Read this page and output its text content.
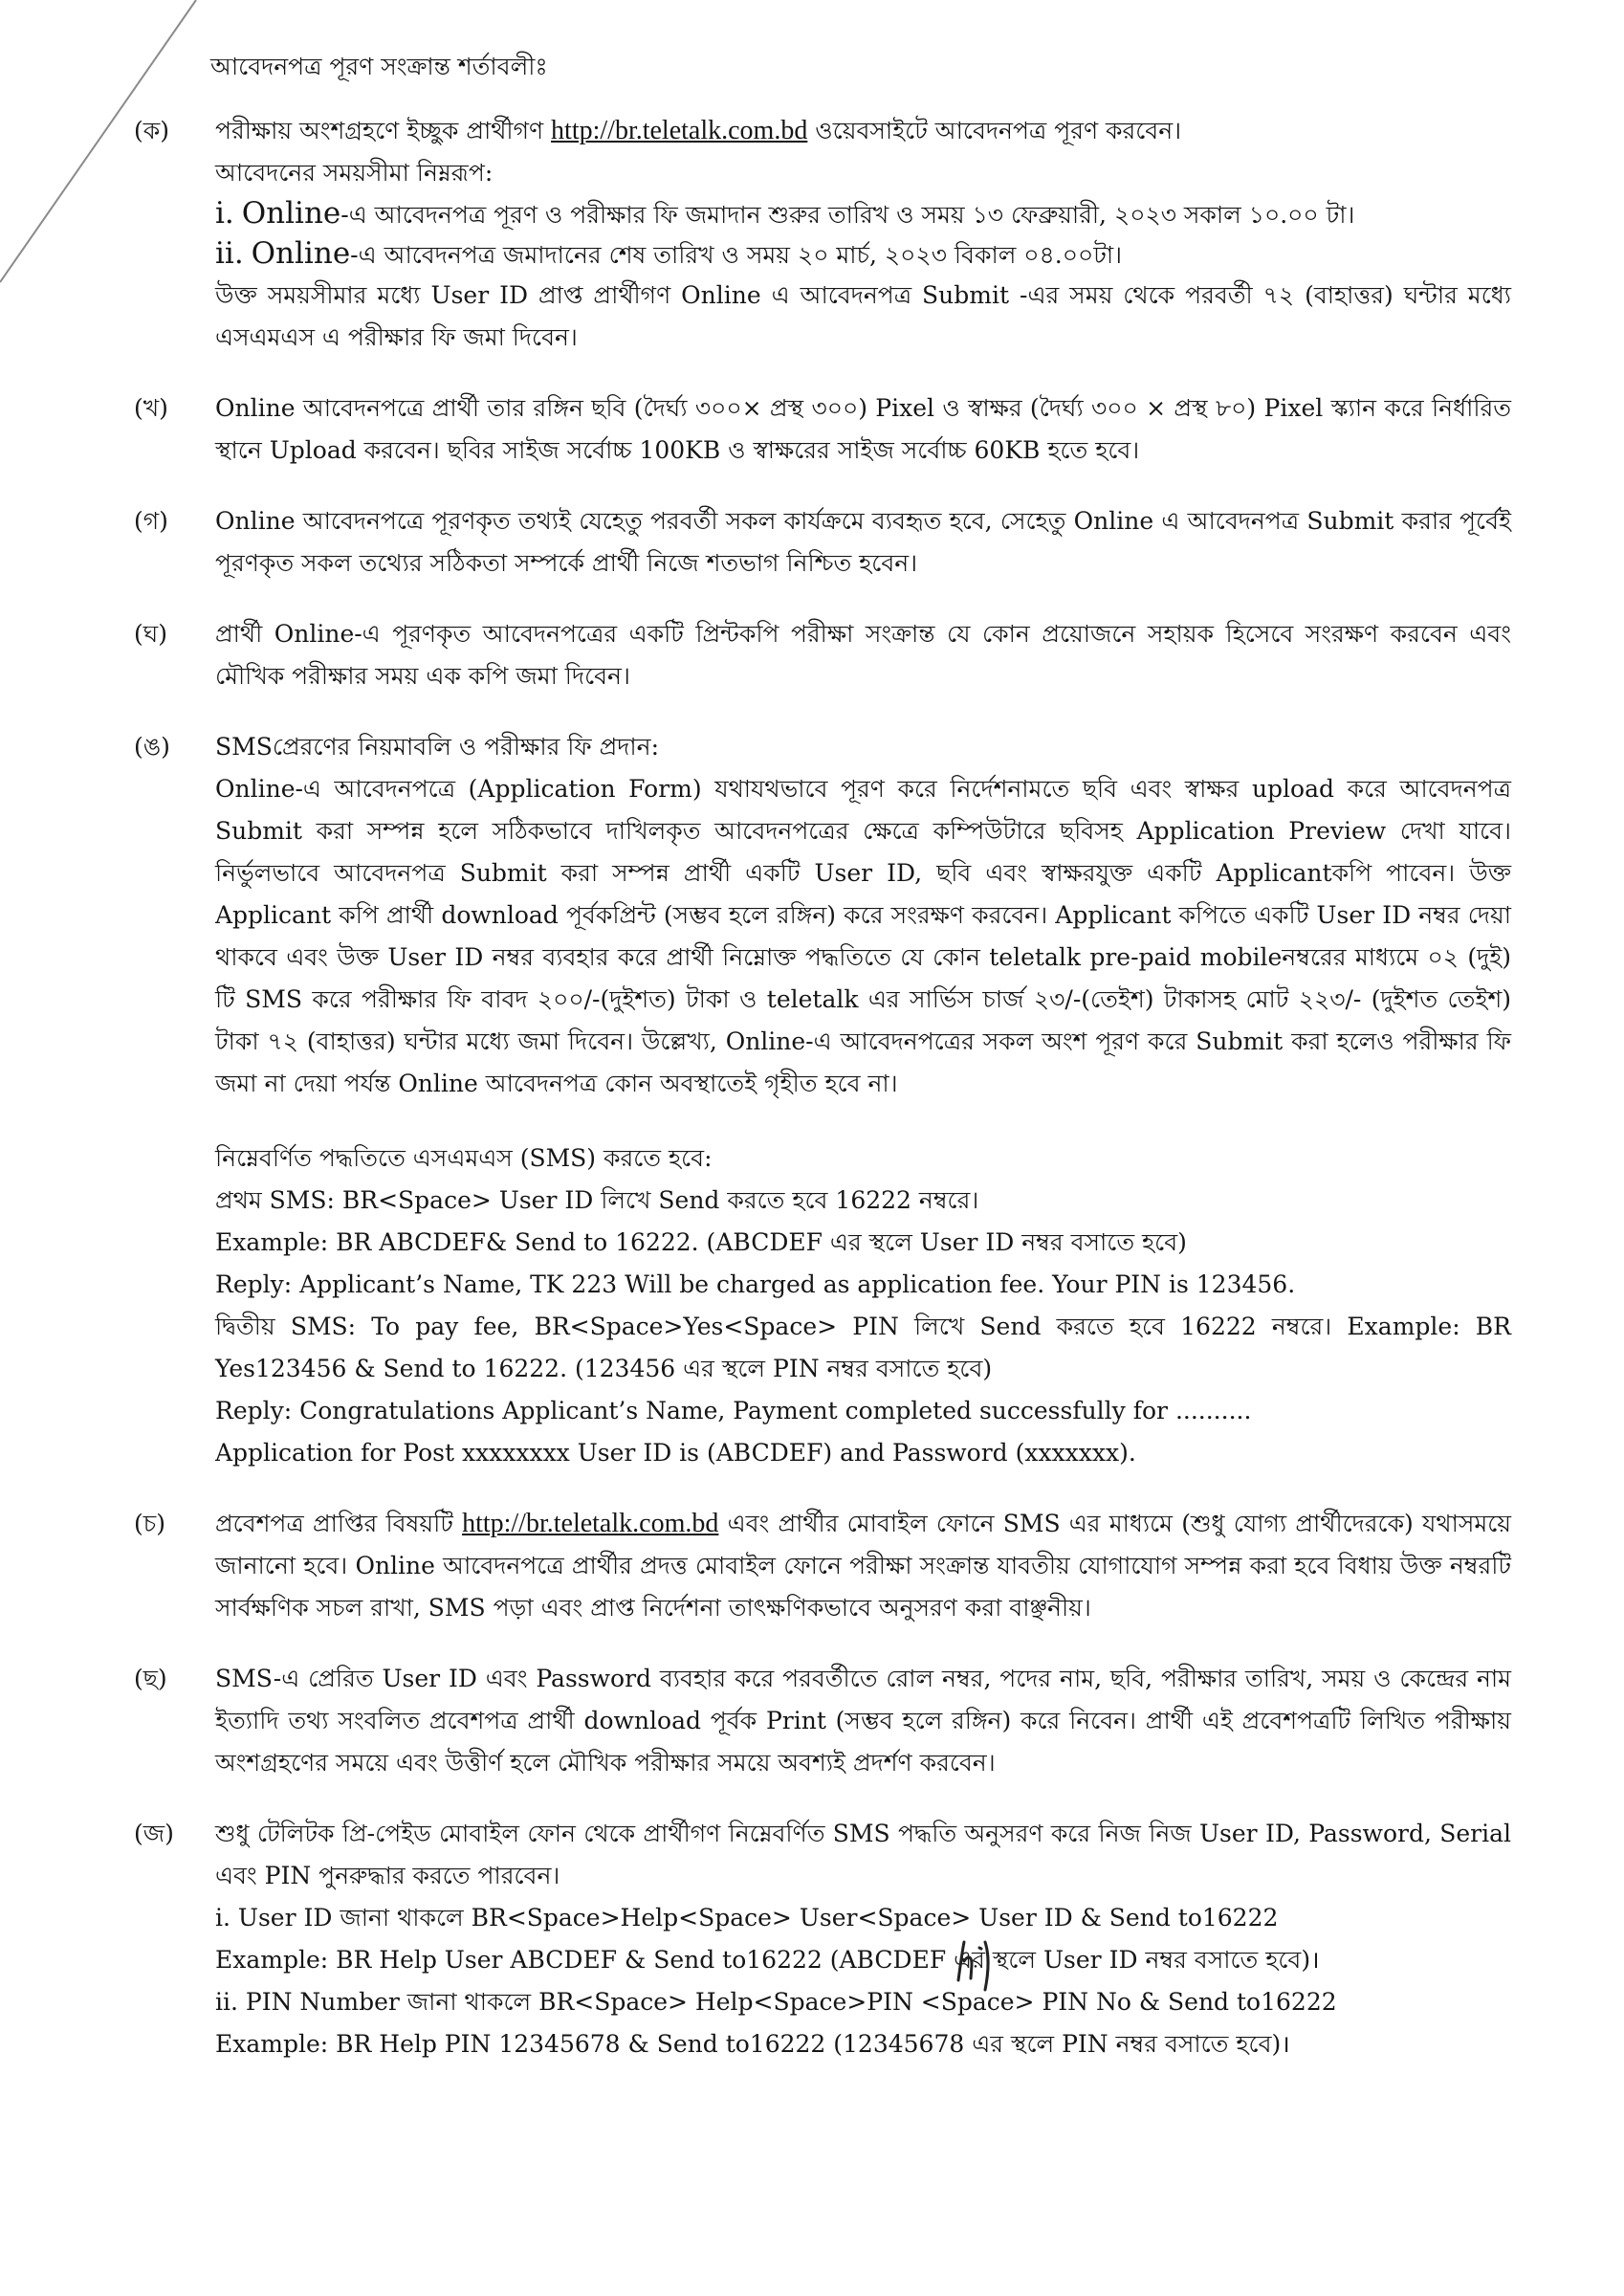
আবেদনপত্র পূরণ সংক্রান্ত শর্তাবলীঃ
(ক)	পরীক্ষায় অংশগ্রহণে ইচ্ছুক প্রার্থীগণ http://br.teletalk.com.bd ওয়েবসাইটে আবেদনপত্র পূরণ করবেন।

আবেদনের সময়সীমা নিম্নরূপ:

i. Online-এ আবেদনপত্র পূরণ ও পরীক্ষার ফি জমাদান শুরুর তারিখ ও সময় ১৩ ফেব্রুয়ারী, ২০২৩ সকাল ১০.০০ টা।

ii. Online-এ আবেদনপত্র জমাদানের শেষ তারিখ ও সময় ২০ মার্চ, ২০২৩ বিকাল ০৪.০০টা।

উক্ত সময়সীমার মধ্যে User ID প্রাপ্ত প্রার্থীগণ Online এ আবেদনপত্র Submit -এর সময় থেকে পরবর্তী ৭২ (বাহাত্তর) ঘন্টার মধ্যে এসএমএস এ পরীক্ষার ফি জমা দিবেন।

(খ)	Online আবেদনপত্রে প্রার্থী তার রঙ্গিন ছবি (দৈর্ঘ্য ৩০০× প্রস্থ ৩০০) Pixel ও স্বাক্ষর (দৈর্ঘ্য ৩০০ × প্রস্থ ৮০) Pixel স্ক্যান করে নির্ধারিত স্থানে Upload করবেন। ছবির সাইজ সর্বোচ্চ 100KB ও স্বাক্ষরের সাইজ সর্বোচ্চ 60KB হতে হবে।

(গ)	Online আবেদনপত্রে পূরণকৃত তথ্যই যেহেতু পরবর্তী সকল কার্যক্রমে ব্যবহৃত হবে, সেহেতু Online এ আবেদনপত্র Submit করার পূর্বেই পূরণকৃত সকল তথ্যের সঠিকতা সম্পর্কে প্রার্থী নিজে শতভাগ নিশ্চিত হবেন।

(ঘ)	প্রার্থী Online-এ পূরণকৃত আবেদনপত্রের একটি প্রিন্টকপি পরীক্ষা সংক্রান্ত যে কোন প্রয়োজনে সহায়ক হিসেবে সংরক্ষণ করবেন এবং মৌখিক পরীক্ষার সময় এক কপি জমা দিবেন।

(ঙ)	SMSপ্রেরণের নিয়মাবলি ও পরীক্ষার ফি প্রদান:

Online-এ আবেদনপত্রে (Application Form) যথাযথভাবে পূরণ করে নির্দেশনামতে ছবি এবং স্বাক্ষর upload করে আবেদনপত্র Submit করা সম্পন্ন হলে সঠিকভাবে দাখিলকৃত আবেদনপত্রের ক্ষেত্রে কম্পিউটারে ছবিসহ Application Preview দেখা যাবে। নির্ভুলভাবে আবেদনপত্র Submit করা সম্পন্ন প্রার্থী একটি User ID, ছবি এবং স্বাক্ষরযুক্ত একটি Applicantকপি পাবেন। উক্ত Applicant কপি প্রার্থী download পূর্বকপ্রিন্ট (সম্ভব হলে রঙ্গিন) করে সংরক্ষণ করবেন। Applicant কপিতে একটি User ID নম্বর দেয়া থাকবে এবং উক্ত User ID নম্বর ব্যবহার করে প্রার্থী নিম্নোক্ত পদ্ধতিতে যে কোন teletalk pre-paid mobileনম্বরের মাধ্যমে ০২ (দুই) টি SMS করে পরীক্ষার ফি বাবদ ২০০/-(দুইশত) টাকা ও teletalk এর সার্ভিস চার্জ ২৩/-(তেইশ) টাকাসহ মোট ২২৩/- (দুইশত তেইশ) টাকা ৭২ (বাহাত্তর) ঘন্টার মধ্যে জমা দিবেন। উল্লেখ্য, Online-এ আবেদনপত্রের সকল অংশ পূরণ করে Submit করা হলেও পরীক্ষার ফি জমা না দেয়া পর্যন্ত Online আবেদনপত্র কোন অবস্থাতেই গৃহীত হবে না।

নিম্নেবর্ণিত পদ্ধতিতে এসএমএস (SMS) করতে হবে:

প্রথম SMS: BR<Space> User ID লিখে Send করতে হবে 16222 নম্বরে।

Example: BR ABCDEF& Send to 16222. (ABCDEF এর স্থলে User ID নম্বর বসাতে হবে)

Reply: Applicant’s Name, TK 223 Will be charged as application fee. Your PIN is 123456.

দ্বিতীয় SMS: To pay fee, BR<Space>Yes<Space> PIN লিখে Send করতে হবে 16222 নম্বরে। Example: BR Yes123456 & Send to 16222. (123456 এর স্থলে PIN নম্বর বসাতে হবে)

Reply: Congratulations Applicant’s Name, Payment completed successfully for ..........

Application for Post xxxxxxxx User ID is (ABCDEF) and Password (xxxxxxx).

(চ)	প্রবেশপত্র প্রাপ্তির বিষয়টি http://br.teletalk.com.bd এবং প্রার্থীর মোবাইল ফোনে SMS এর মাধ্যমে (শুধু যোগ্য প্রার্থীদেরকে) যথাসময়ে জানানো হবে। Online আবেদনপত্রে প্রার্থীর প্রদত্ত মোবাইল ফোনে পরীক্ষা সংক্রান্ত যাবতীয় যোগাযোগ সম্পন্ন করা হবে বিধায় উক্ত নম্বরটি সার্বক্ষণিক সচল রাখা, SMS পড়া এবং প্রাপ্ত নির্দেশনা তাৎক্ষণিকভাবে অনুসরণ করা বাঞ্ছনীয়।

(ছ)	SMS-এ প্রেরিত User ID এবং Password ব্যবহার করে পরবর্তীতে রোল নম্বর, পদের নাম, ছবি, পরীক্ষার তারিখ, সময় ও কেন্দ্রের নাম ইত্যাদি তথ্য সংবলিত প্রবেশপত্র প্রার্থী download পূর্বক Print (সম্ভব হলে রঙ্গিন) করে নিবেন। প্রার্থী এই প্রবেশপত্রটি লিখিত পরীক্ষায় অংশগ্রহণের সময়ে এবং উত্তীর্ণ হলে মৌখিক পরীক্ষার সময়ে অবশ্যই প্রদর্শণ করবেন।

(জ)	শুধু টেলিটক প্রি-পেইড মোবাইল ফোন থেকে প্রার্থীগণ নিম্নেবর্ণিত SMS পদ্ধতি অনুসরণ করে নিজ নিজ User ID, Password, Serial এবং PIN পুনরুদ্ধার করতে পারবেন।

i. User ID জানা থাকলে BR<Space>Help<Space> User<Space> User ID & Send to16222

Example: BR Help User ABCDEF & Send to16222 (ABCDEF এর স্থলে User ID নম্বর বসাতে হবে)।

ii. PIN Number জানা থাকলে BR<Space> Help<Space>PIN <Space> PIN No & Send to16222

Example: BR Help PIN 12345678 & Send to16222 (12345678 এর স্থলে PIN নম্বর বসাতে হবে)।
